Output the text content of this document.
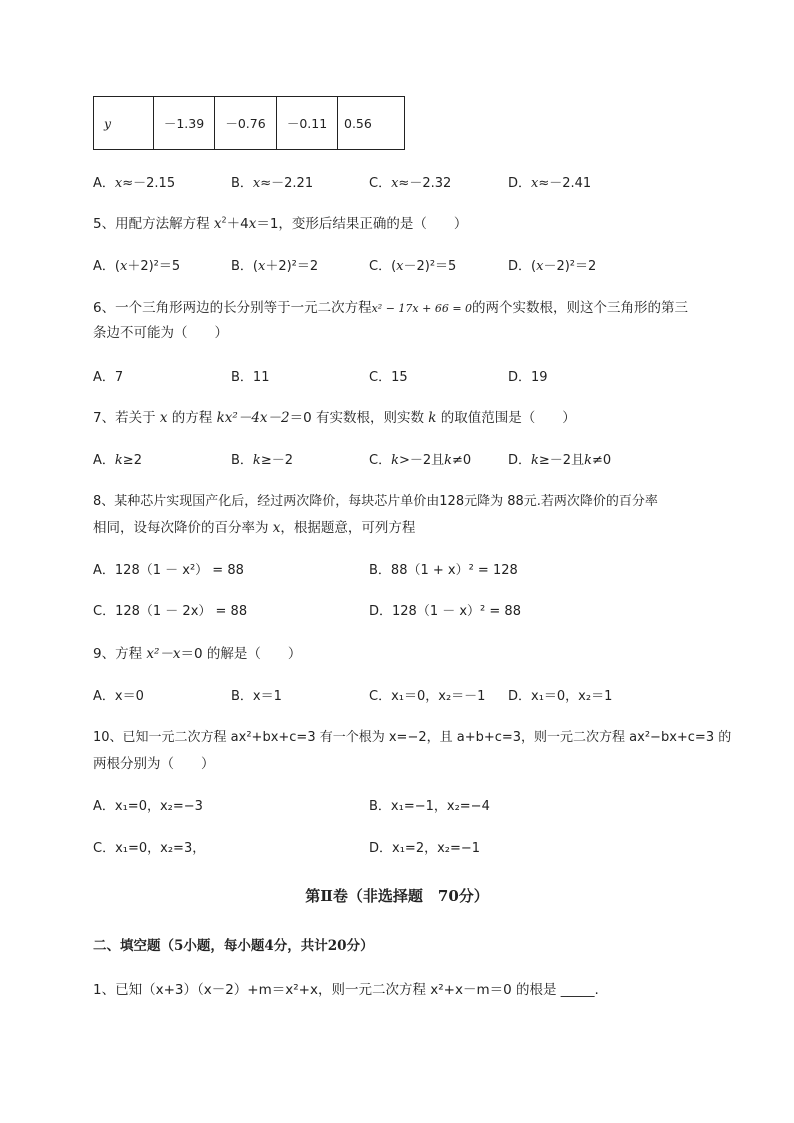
y	－1.39	－0.76	－0.11	0.56
A．x≈－2.15	B．x≈－2.21	C．x≈－2.32	D．x≈－2.41
5、用配方法解方程 $x^2+4x=1$，变形后结果正确的是（　　）
A．(x＋2)²＝5	B．(x＋2)²＝2	C．(x－2)²＝5	D．(x－2)²＝2
6、一个三角形两边的长分别等于一元二次方程x² − 17x + 66 = 0的两个实数根，则这个三角形的第三
条边不可能为（　　）
A．7	B．11	C．15	D．19
7、若关于 x 的方程 kx²－4x－2＝0 有实数根，则实数 k 的取值范围是（　　）
A．k≥2	B．k≥－2	C．k>－2且k≠0	D．k≥－2且k≠0
8、某种芯片实现国产化后，经过两次降价，每块芯片单价由128元降为 88元.若两次降价的百分率
相同，设每次降价的百分率为 x，根据题意，可列方程
A．128（1 － x²） = 88	B．88（1 + x）² = 128
C．128（1 － 2x） = 88	D．128（1 － x）² = 88
9、方程 x²－x＝0 的解是（　　）
A．x＝0	B．x＝1	C．x₁＝0，x₂＝－1 D．x₁＝0，x₂＝1
10、已知一元二次方程 ax²+bx+c=3 有一个根为 x=−2，且 a+b+c=3，则一元二次方程 ax²−bx+c=3 的
两根分别为（　　）
A．x₁=0，x₂=−3	B．x₁=−1，x₂=−4
C．x₁=0，x₂=3，	D．x₁=2，x₂=−1
第Ⅱ卷（非选择题　70分）
二、填空题（5小题，每小题4分，共计20分）
1、已知（x+3）（x－2）+m＝x²+x，则一元二次方程 x²+x－m＝0 的根是 _____.
